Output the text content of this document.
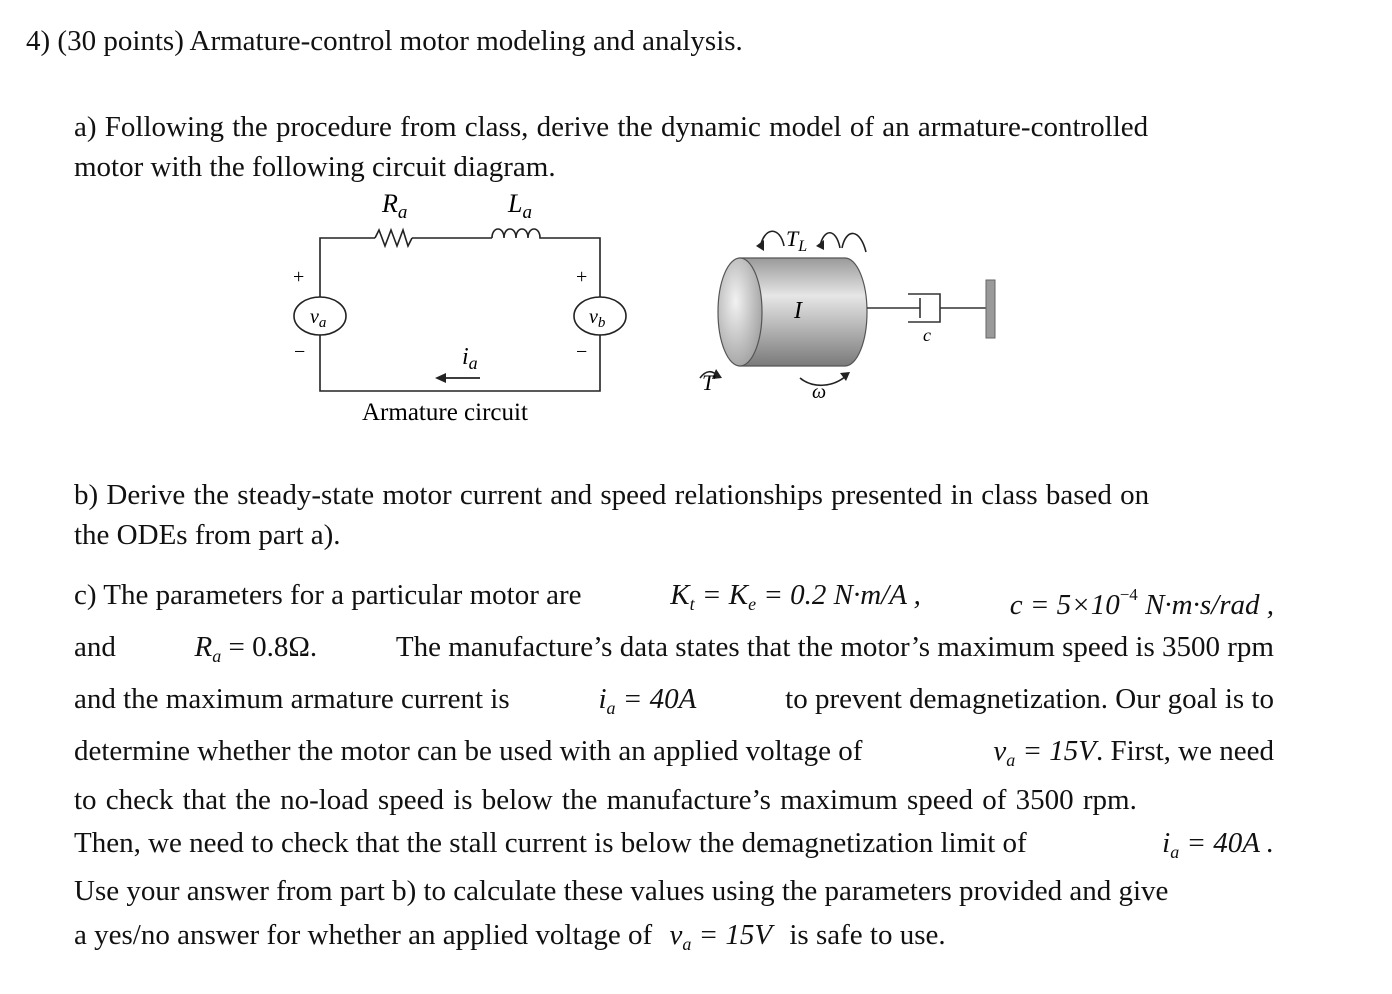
4) (30 points) Armature-control motor modeling and analysis.
a) Following the procedure from class, derive the dynamic model of an armature-controlled
motor with the following circuit diagram.
$v_a$	$v_b$
+
−
+
−
$R_a$	$L_a$
$i_a$
Armature circuit
I
$T_L$
T	ω
c
b) Derive the steady-state motor current and speed relationships presented in class based on
the ODEs from part a).
c) The parameters for a particular motor are	$K_t = K_e = 0.2$ N·m/A ,	$c = 5\times 10^{-4}$ N·m·s/rad ,
and	$R_a = 0.8\Omega$.	The manufacture’s data states that the motor’s maximum speed is 3500 rpm
and the maximum armature current is	$i_a = 40A$	to prevent demagnetization. Our goal is to
determine whether the motor can be used with an applied voltage of	$v_a = 15V$. First, we need
to check that the no-load speed is below the manufacture’s maximum speed of 3500 rpm.
Then, we need to check that the stall current is below the demagnetization limit of	$i_a = 40A$ .
Use your answer from part b) to calculate these values using the parameters provided and give
a yes/no answer for whether an applied voltage of $v_a = 15V$ is safe to use.
